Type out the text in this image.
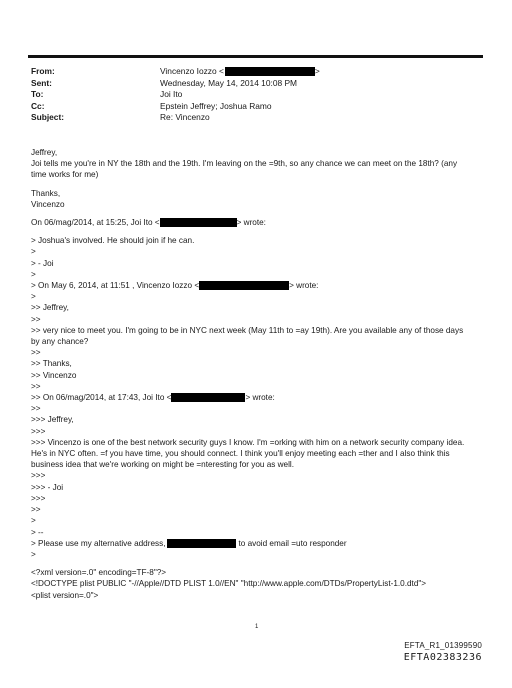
From:	Vincenzo Iozzo <	>
Sent:	Wednesday, May 14, 2014 10:08 PM
To:	Joi Ito
Cc:	Epstein Jeffrey; Joshua Ramo
Subject:	Re: Vincenzo
Jeffrey,
Joi tells me you're in NY the 18th and the 19th. I'm leaving on the =9th, so any chance we can meet on the 18th? (any
time works for me)
Thanks,
Vincenzo
On 06/mag/2014, at 15:25, Joi Ito <	> wrote:
> Joshua's involved. He should join if he can.
>
> - Joi
>
> On May 6, 2014, at 11:51 , Vincenzo Iozzo <	> wrote:
>
>> Jeffrey,
>>
>> very nice to meet you. I'm going to be in NYC next week (May 11th to =ay 19th). Are you available any of those days
by any chance?
>>
>> Thanks,
>> Vincenzo
>>
>> On 06/mag/2014, at 17:43, Joi Ito <	> wrote:
>>
>>> Jeffrey,
>>>
>>> Vincenzo is one of the best network security guys I know. I'm =orking with him on a network security company idea.
He's in NYC often. =f you have time, you should connect. I think you'll enjoy meeting each =ther and I also think this
business idea that we're working on might be =nteresting for you as well.
>>>
>>> - Joi
>>>
>>
>
> --
> Please use my alternative address,	to avoid email =uto responder
>
<?xml version=.0" encoding=TF-8"?>
<!DOCTYPE plist PUBLIC "-//Apple//DTD PLIST 1.0//EN" "http://www.apple.com/DTDs/PropertyList-1.0.dtd">
<plist version=.0">
1
EFTA_R1_01399590
EFTA02383236
